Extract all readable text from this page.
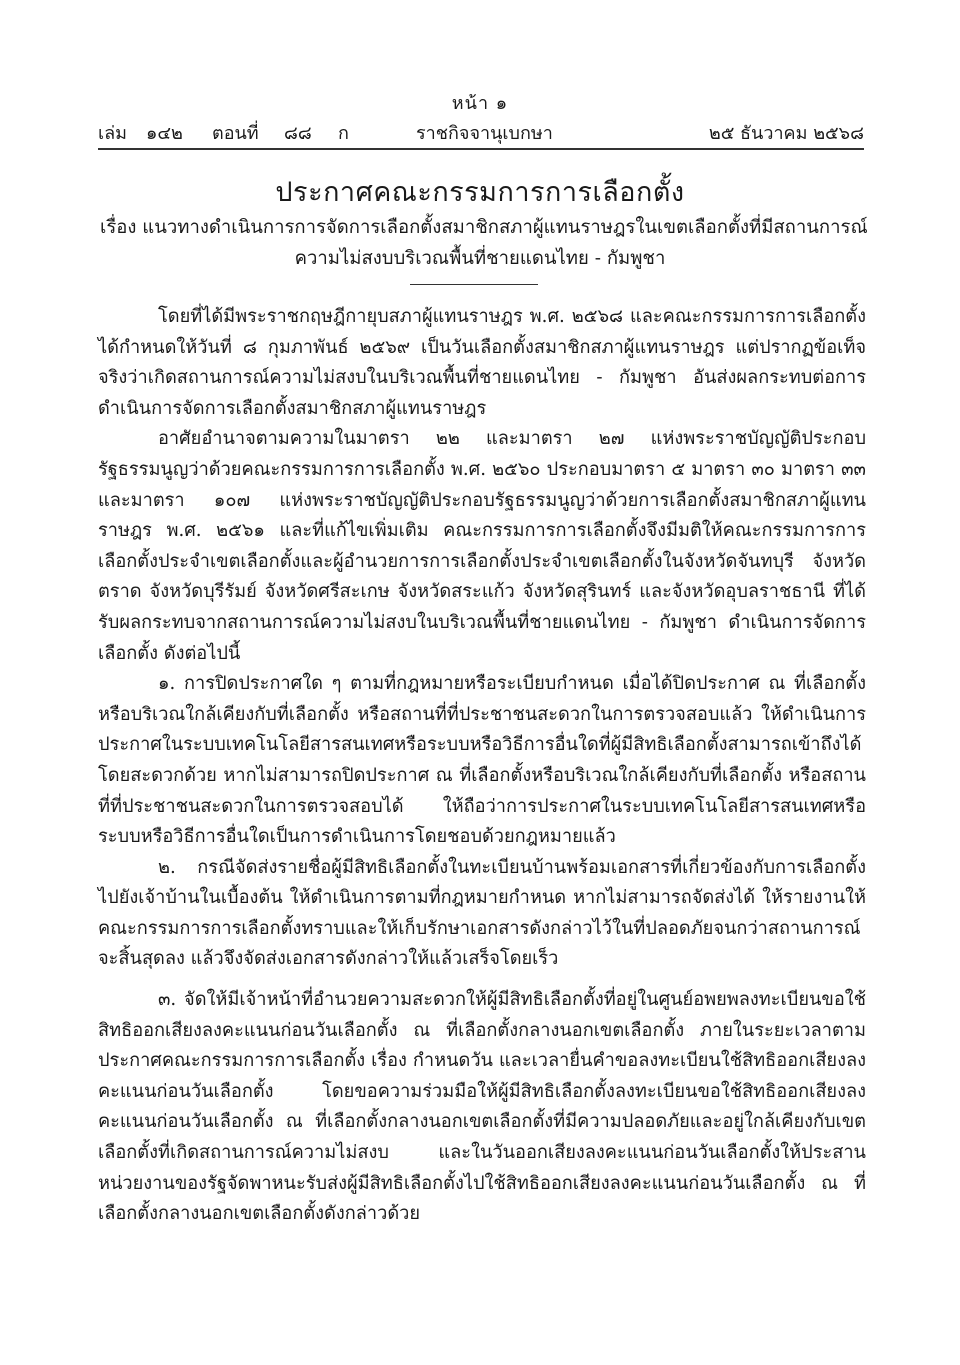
หน้า ๑
เล่ม ๑๔๒ ตอนที่ ๘๘ ก	ราชกิจจานุเบกษา	๒๕ ธันวาคม ๒๕๖๘
ประกาศคณะกรรมการการเลือกตั้ง
เรื่อง แนวทางดำเนินการการจัดการเลือกตั้งสมาชิกสภาผู้แทนราษฎรในเขตเลือกตั้งที่มีสถานการณ์
ความไม่สงบบริเวณพื้นที่ชายแดนไทย - กัมพูชา

โดยที่ได้มีพระราชกฤษฎีกายุบสภาผู้แทนราษฎร พ.ศ. ๒๕๖๘ และคณะกรรมการการเลือกตั้งได้กำหนดให้วันที่ ๘ กุมภาพันธ์ ๒๕๖๙ เป็นวันเลือกตั้งสมาชิกสภาผู้แทนราษฎร แต่ปรากฏข้อเท็จจริงว่าเกิดสถานการณ์ความไม่สงบในบริเวณพื้นที่ชายแดนไทย - กัมพูชา อันส่งผลกระทบต่อการดำเนินการจัดการเลือกตั้งสมาชิกสภาผู้แทนราษฎร

อาศัยอำนาจตามความในมาตรา ๒๒ และมาตรา ๒๗ แห่งพระราชบัญญัติประกอบรัฐธรรมนูญว่าด้วยคณะกรรมการการเลือกตั้ง พ.ศ. ๒๕๖๐ ประกอบมาตรา ๕ มาตรา ๓๐ มาตรา ๓๓ และมาตรา ๑๐๗ แห่งพระราชบัญญัติประกอบรัฐธรรมนูญว่าด้วยการเลือกตั้งสมาชิกสภาผู้แทนราษฎร พ.ศ. ๒๕๖๑ และที่แก้ไขเพิ่มเติม คณะกรรมการการเลือกตั้งจึงมีมติให้คณะกรรมการการเลือกตั้งประจำเขตเลือกตั้งและผู้อำนวยการการเลือกตั้งประจำเขตเลือกตั้งในจังหวัดจันทบุรี จังหวัดตราด จังหวัดบุรีรัมย์ จังหวัดศรีสะเกษ จังหวัดสระแก้ว จังหวัดสุรินทร์ และจังหวัดอุบลราชธานี ที่ได้รับผลกระทบจากสถานการณ์ความไม่สงบในบริเวณพื้นที่ชายแดนไทย - กัมพูชา ดำเนินการจัดการเลือกตั้ง ดังต่อไปนี้

๑. การปิดประกาศใด ๆ ตามที่กฎหมายหรือระเบียบกำหนด เมื่อได้ปิดประกาศ ณ ที่เลือกตั้งหรือบริเวณใกล้เคียงกับที่เลือกตั้ง หรือสถานที่ที่ประชาชนสะดวกในการตรวจสอบแล้ว ให้ดำเนินการประกาศในระบบเทคโนโลยีสารสนเทศหรือระบบหรือวิธีการอื่นใดที่ผู้มีสิทธิเลือกตั้งสามารถเข้าถึงได้โดยสะดวกด้วย หากไม่สามารถปิดประกาศ ณ ที่เลือกตั้งหรือบริเวณใกล้เคียงกับที่เลือกตั้ง หรือสถานที่ที่ประชาชนสะดวกในการตรวจสอบได้ ให้ถือว่าการประกาศในระบบเทคโนโลยีสารสนเทศหรือระบบหรือวิธีการอื่นใดเป็นการดำเนินการโดยชอบด้วยกฎหมายแล้ว

๒. กรณีจัดส่งรายชื่อผู้มีสิทธิเลือกตั้งในทะเบียนบ้านพร้อมเอกสารที่เกี่ยวข้องกับการเลือกตั้งไปยังเจ้าบ้านในเบื้องต้น ให้ดำเนินการตามที่กฎหมายกำหนด หากไม่สามารถจัดส่งได้ ให้รายงานให้คณะกรรมการการเลือกตั้งทราบและให้เก็บรักษาเอกสารดังกล่าวไว้ในที่ปลอดภัยจนกว่าสถานการณ์จะสิ้นสุดลง แล้วจึงจัดส่งเอกสารดังกล่าวให้แล้วเสร็จโดยเร็ว

๓. จัดให้มีเจ้าหน้าที่อำนวยความสะดวกให้ผู้มีสิทธิเลือกตั้งที่อยู่ในศูนย์อพยพลงทะเบียนขอใช้สิทธิออกเสียงลงคะแนนก่อนวันเลือกตั้ง ณ ที่เลือกตั้งกลางนอกเขตเลือกตั้ง ภายในระยะเวลาตามประกาศคณะกรรมการการเลือกตั้ง เรื่อง กำหนดวัน และเวลายื่นคำขอลงทะเบียนใช้สิทธิออกเสียงลงคะแนนก่อนวันเลือกตั้ง โดยขอความร่วมมือให้ผู้มีสิทธิเลือกตั้งลงทะเบียนขอใช้สิทธิออกเสียงลงคะแนนก่อนวันเลือกตั้ง ณ ที่เลือกตั้งกลางนอกเขตเลือกตั้งที่มีความปลอดภัยและอยู่ใกล้เคียงกับเขตเลือกตั้งที่เกิดสถานการณ์ความไม่สงบ และในวันออกเสียงลงคะแนนก่อนวันเลือกตั้งให้ประสานหน่วยงานของรัฐจัดพาหนะรับส่งผู้มีสิทธิเลือกตั้งไปใช้สิทธิออกเสียงลงคะแนนก่อนวันเลือกตั้ง ณ ที่เลือกตั้งกลางนอกเขตเลือกตั้งดังกล่าวด้วย
